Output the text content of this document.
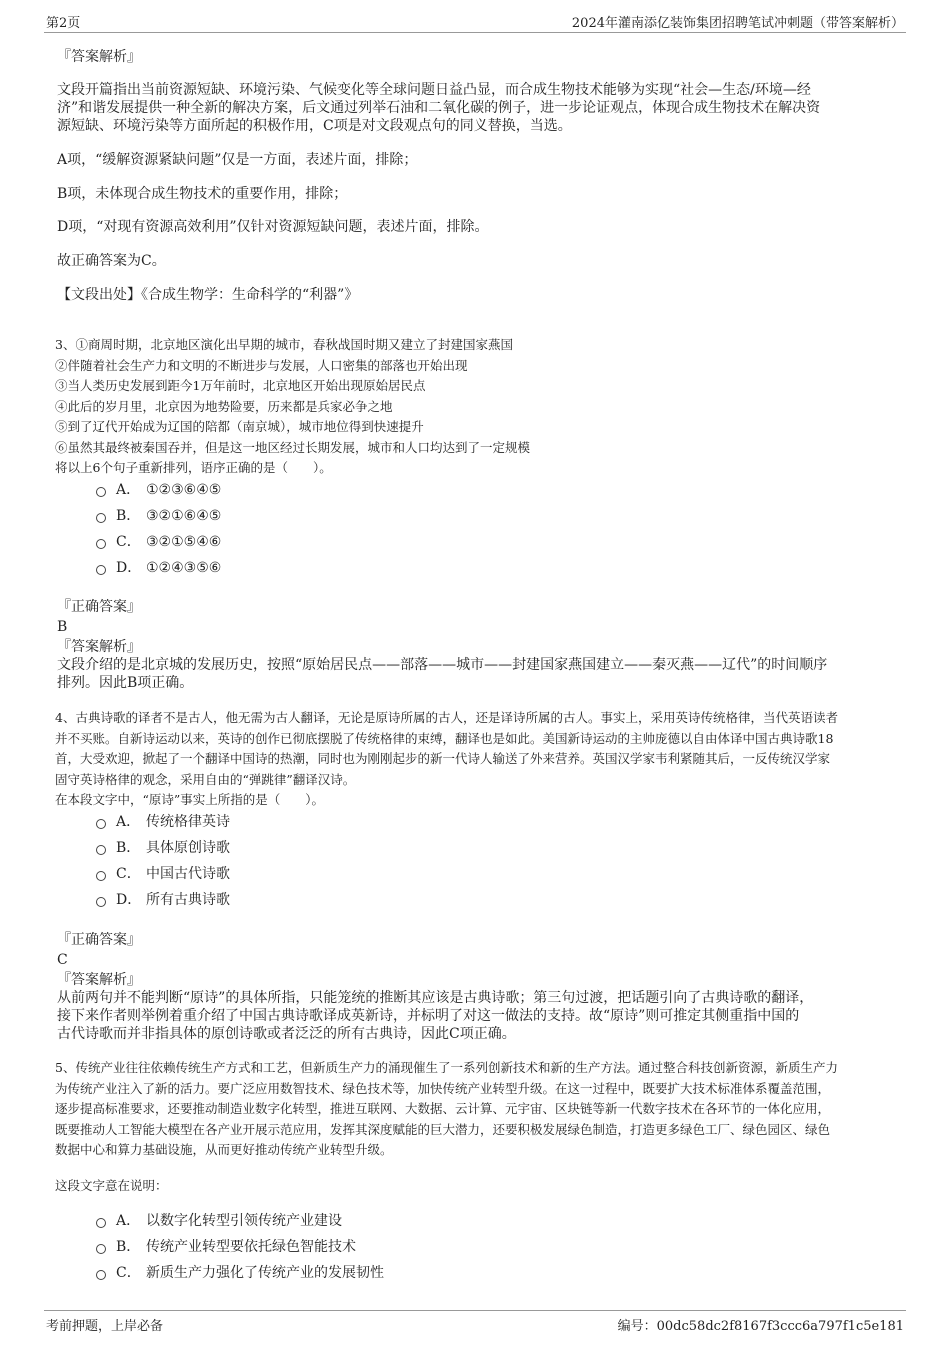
第2页	2024年灌南添亿装饰集团招聘笔试冲刺题（带答案解析）
『答案解析』
文段开篇指出当前资源短缺、环境污染、气候变化等全球问题日益凸显，而合成生物技术能够为实现“社会—生态/环境—经
济”和谐发展提供一种全新的解决方案，后文通过列举石油和二氧化碳的例子，进一步论证观点，体现合成生物技术在解决资
源短缺、环境污染等方面所起的积极作用，C项是对文段观点句的同义替换，当选。
A项，“缓解资源紧缺问题”仅是一方面，表述片面，排除；
B项，未体现合成生物技术的重要作用，排除；
D项，“对现有资源高效利用”仅针对资源短缺问题，表述片面，排除。
故正确答案为C。
【文段出处】《合成生物学：生命科学的“利器”》
3、①商周时期，北京地区演化出早期的城市，春秋战国时期又建立了封建国家燕国
②伴随着社会生产力和文明的不断进步与发展，人口密集的部落也开始出现
③当人类历史发展到距今1万年前时，北京地区开始出现原始居民点
④此后的岁月里，北京因为地势险要，历来都是兵家必争之地
⑤到了辽代开始成为辽国的陪都（南京城），城市地位得到快速提升
⑥虽然其最终被秦国吞并，但是这一地区经过长期发展，城市和人口均达到了一定规模
将以上6个句子重新排列，语序正确的是（　　）。
A． ①②③⑥④⑤
B． ③②①⑥④⑤
C． ③②①⑤④⑥
D． ①②④③⑤⑥
『正确答案』
B
『答案解析』
文段介绍的是北京城的发展历史，按照“原始居民点——部落——城市——封建国家燕国建立——秦灭燕——辽代”的时间顺序
排列。因此B项正确。
4、古典诗歌的译者不是古人，他无需为古人翻译，无论是原诗所属的古人，还是译诗所属的古人。事实上，采用英诗传统格律，当代英语读者
并不买账。自新诗运动以来，英诗的创作已彻底摆脱了传统格律的束缚，翻译也是如此。美国新诗运动的主帅庞德以自由体译中国古典诗歌18
首，大受欢迎，掀起了一个翻译中国诗的热潮，同时也为刚刚起步的新一代诗人输送了外来营养。英国汉学家韦利紧随其后，一反传统汉学家
固守英诗格律的观念，采用自由的“弹跳律”翻译汉诗。
在本段文字中，“原诗”事实上所指的是（　　）。
A． 传统格律英诗
B． 具体原创诗歌
C． 中国古代诗歌
D． 所有古典诗歌
『正确答案』
C
『答案解析』
从前两句并不能判断“原诗”的具体所指，只能笼统的推断其应该是古典诗歌；第三句过渡，把话题引向了古典诗歌的翻译，
接下来作者则举例着重介绍了中国古典诗歌译成英新诗，并标明了对这一做法的支持。故“原诗”则可推定其侧重指中国的
古代诗歌而并非指具体的原创诗歌或者泛泛的所有古典诗，因此C项正确。
5、传统产业往往依赖传统生产方式和工艺，但新质生产力的涌现催生了一系列创新技术和新的生产方法。通过整合科技创新资源，新质生产力
为传统产业注入了新的活力。要广泛应用数智技术、绿色技术等，加快传统产业转型升级。在这一过程中，既要扩大技术标准体系覆盖范围，
逐步提高标准要求，还要推动制造业数字化转型，推进互联网、大数据、云计算、元宇宙、区块链等新一代数字技术在各环节的一体化应用，
既要推动人工智能大模型在各产业开展示范应用，发挥其深度赋能的巨大潜力，还要积极发展绿色制造，打造更多绿色工厂、绿色园区、绿色
数据中心和算力基础设施，从而更好推动传统产业转型升级。
这段文字意在说明：
A． 以数字化转型引领传统产业建设
B． 传统产业转型要依托绿色智能技术
C． 新质生产力强化了传统产业的发展韧性
考前押题，上岸必备	编号：00dc58dc2f8167f3ccc6a797f1c5e181
